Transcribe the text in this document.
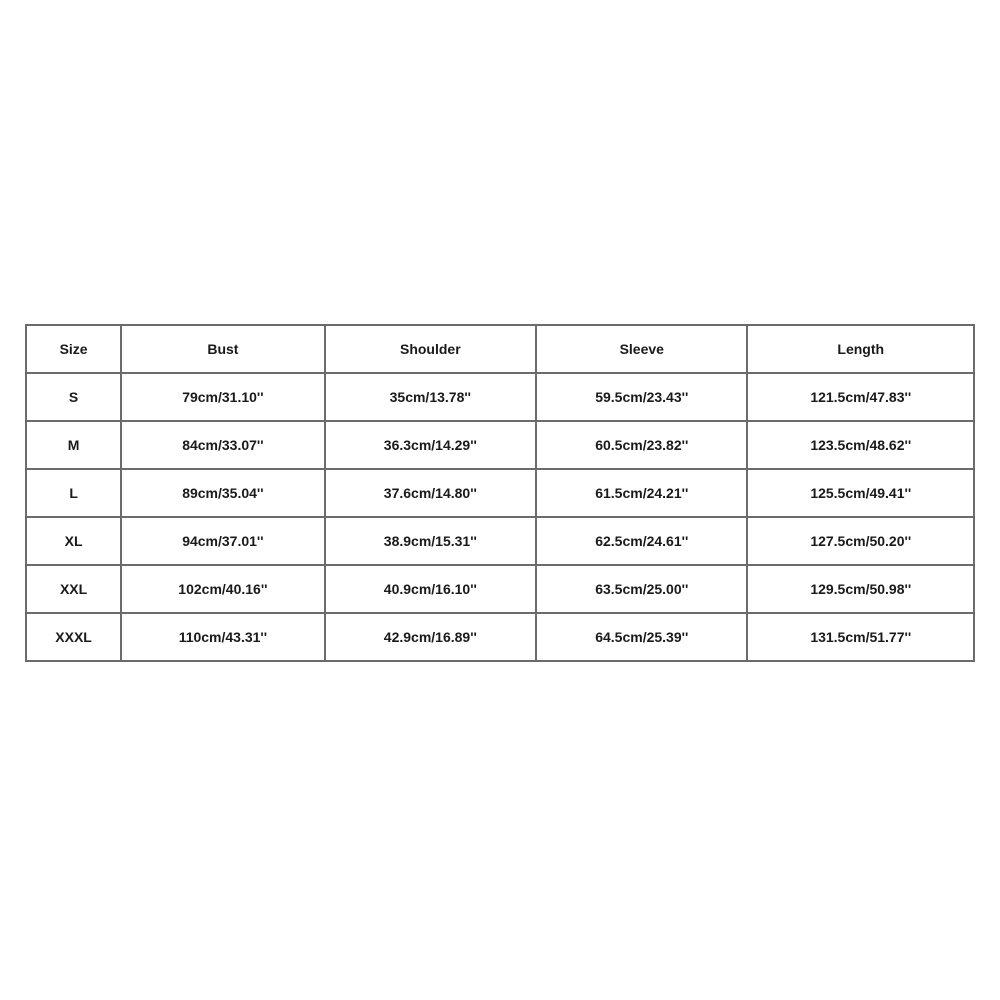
Size	Bust	Shoulder	Sleeve	Length
S	79cm/31.10''	35cm/13.78''	59.5cm/23.43''	121.5cm/47.83''
M	84cm/33.07''	36.3cm/14.29''	60.5cm/23.82''	123.5cm/48.62''
L	89cm/35.04''	37.6cm/14.80''	61.5cm/24.21''	125.5cm/49.41''
XL	94cm/37.01''	38.9cm/15.31''	62.5cm/24.61''	127.5cm/50.20''
XXL	102cm/40.16''	40.9cm/16.10''	63.5cm/25.00''	129.5cm/50.98''
XXXL	110cm/43.31''	42.9cm/16.89''	64.5cm/25.39''	131.5cm/51.77''
